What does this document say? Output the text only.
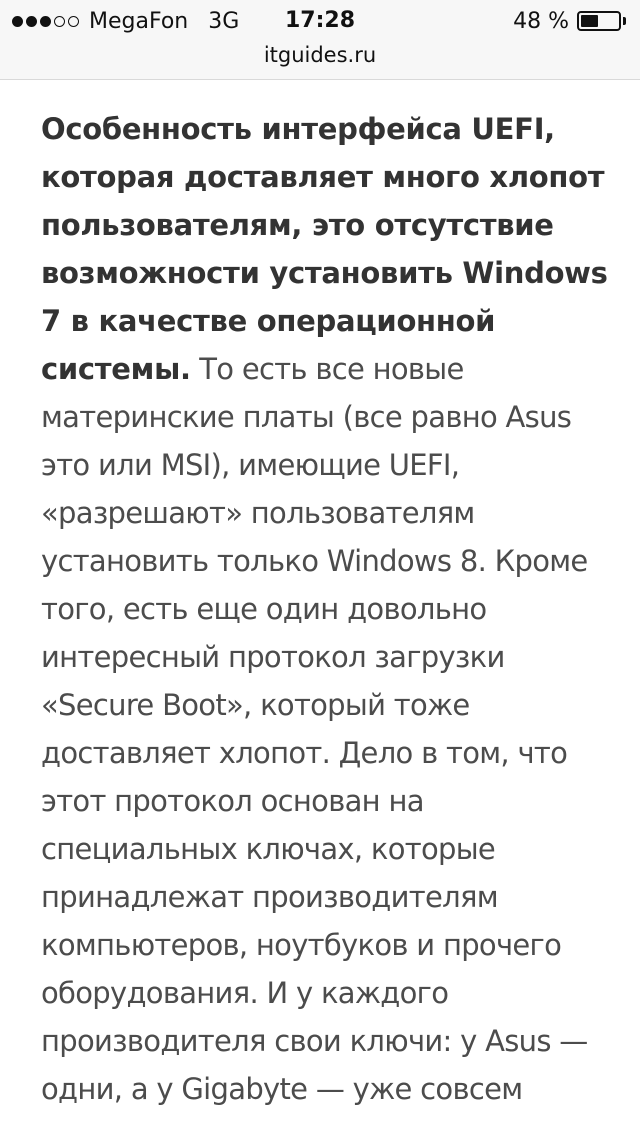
MegaFon 3G	17:28	48 %
itguides.ru
Особенность интерфейса UEFI, которая доставляет много хлопот пользователям, это отсутствие возможности установить Windows 7 в качестве операционной системы. То есть все новые материнские платы (все равно Asus это или MSI), имеющие UEFI, «разрешают» пользователям установить только Windows 8. Кроме того, есть еще один довольно интересный протокол загрузки «Secure Boot», который тоже доставляет хлопот. Дело в том, что этот протокол основан на специальных ключах, которые принадлежат производителям компьютеров, ноутбуков и прочего оборудования. И у каждого производителя свои ключи: у Asus — одни, а у Gigabyte — уже совсем
